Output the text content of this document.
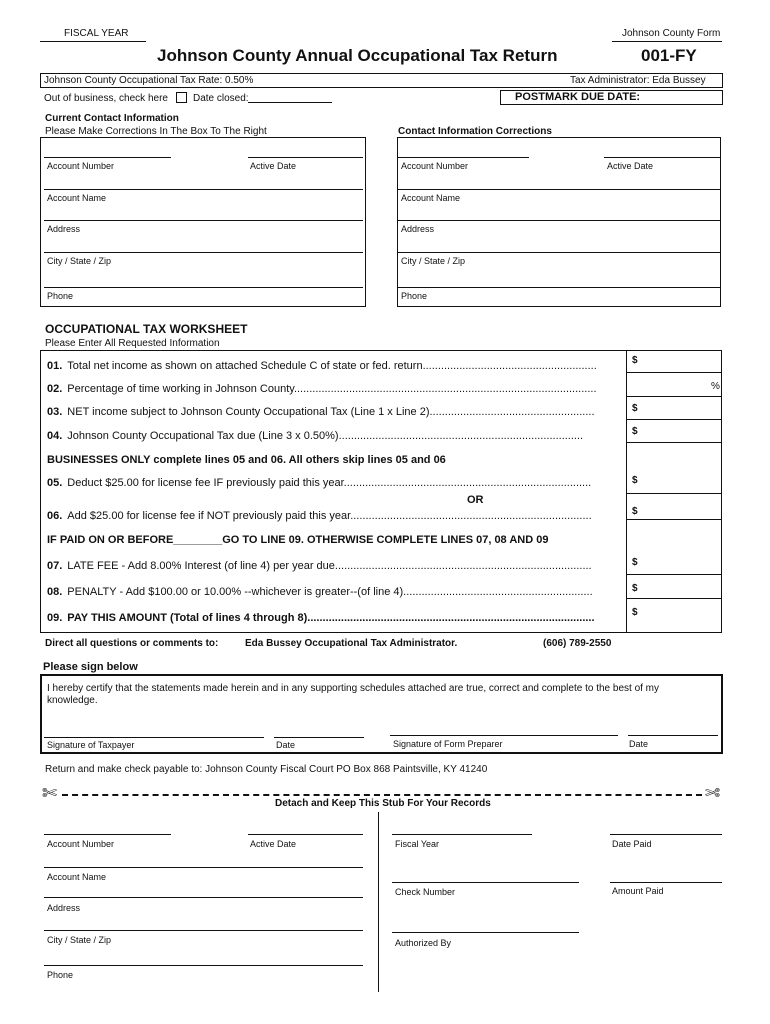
FISCAL YEAR	Johnson County Form
Johnson County Annual Occupational Tax Return	001-FY
Johnson County Occupational Tax Rate: 0.50%	Tax Administrator: Eda Bussey
Out of business, check here	Date closed:	POSTMARK DUE DATE:
Current Contact Information
Please Make Corrections In The Box To The Right	Contact Information Corrections
Account Number	Active Date
Account Name
Address
City / State / Zip
Phone
Account Number	Active Date
Account Name
Address
City / State / Zip
Phone
OCCUPATIONAL TAX WORKSHEET
Please Enter All Requested Information
01. Total net income as shown on attached Schedule C of state or fed. return.........................................................	$
02. Percentage of time working in Johnson County...................................................................................................	%
03. NET income subject to Johnson County Occupational Tax (Line 1 x Line 2)......................................................	$
04. Johnson County Occupational Tax due (Line 3 x 0.50%)................................................................................	$
BUSINESSES ONLY complete lines 05 and 06. All others skip lines 05 and 06
05. Deduct $25.00 for license fee IF previously paid this year.................................................................................	$
OR
06. Add $25.00 for license fee if NOT previously paid this year...............................................................................	$
IF PAID ON OR BEFORE________GO TO LINE 09. OTHERWISE COMPLETE LINES 07, 08 AND 09
07. LATE FEE - Add 8.00% Interest (of line 4) per year due....................................................................................	$
08. PENALTY - Add $100.00 or 10.00% --whichever is greater--(of line 4)..............................................................	$
09. PAY THIS AMOUNT (Total of lines 4 through 8)..............................................................................................	$
Direct all questions or comments to:	Eda Bussey Occupational Tax Administrator.	(606) 789-2550
Please sign below
I hereby certify that the statements made herein and in any supporting schedules attached are true, correct and complete to the best of my knowledge.
Signature of Taxpayer	Date	Signature of Form Preparer	Date
Return and make check payable to: Johnson County Fiscal Court PO Box 868 Paintsville, KY 41240
✄	✄
Detach and Keep This Stub For Your Records
Account Number	Active Date
Account Name
Address
City / State / Zip
Phone
Fiscal Year	Date Paid
Check Number	Amount Paid
Authorized By
